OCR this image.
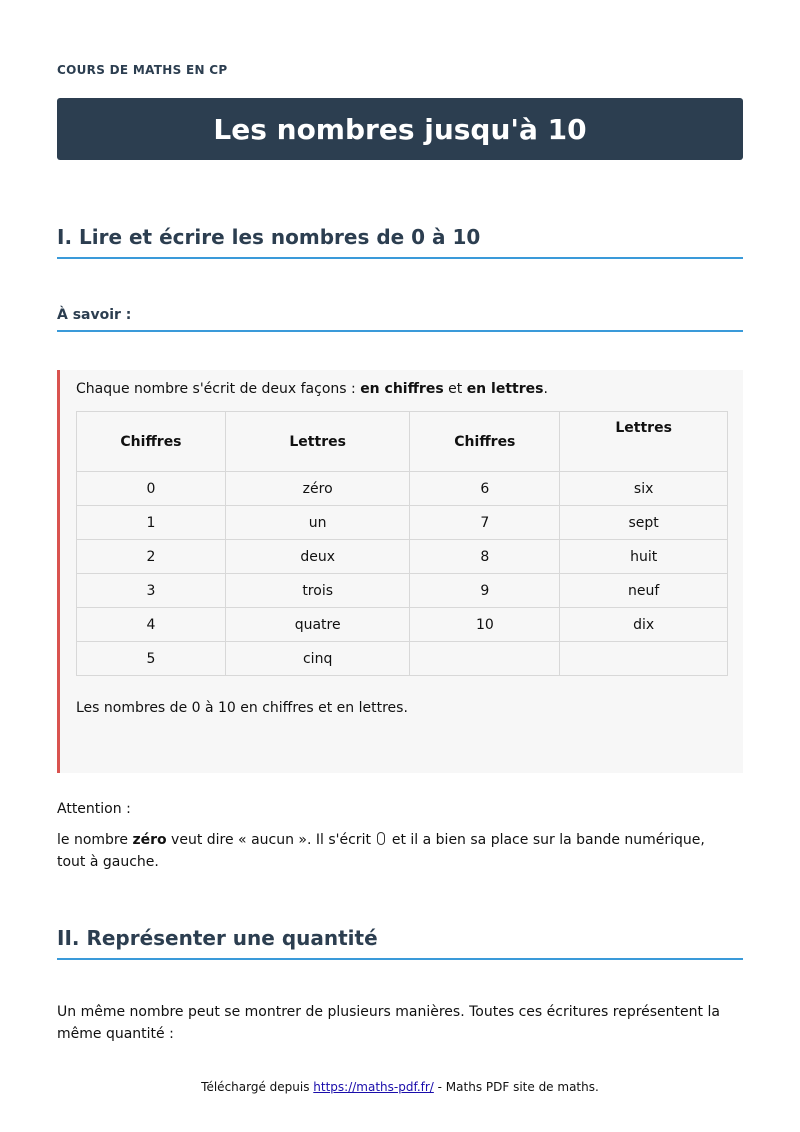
COURS DE MATHS EN CP
Les nombres jusqu'à 10
I. Lire et écrire les nombres de 0 à 10
À savoir :
Chaque nombre s'écrit de deux façons : en chiffres et en lettres.
Chiffres	Lettres	Chiffres	Lettres
0	zéro	6	six
1	un	7	sept
2	deux	8	huit
3	trois	9	neuf
4	quatre	10	dix
5	cinq		
Les nombres de 0 à 10 en chiffres et en lettres.
Attention :
le nombre zéro veut dire « aucun ». Il s'écrit  et il a bien sa place sur la bande numérique,
tout à gauche.
II. Représenter une quantité
Un même nombre peut se montrer de plusieurs manières. Toutes ces écritures représentent la
même quantité :
Téléchargé depuis https://maths-pdf.fr/ - Maths PDF site de maths.
